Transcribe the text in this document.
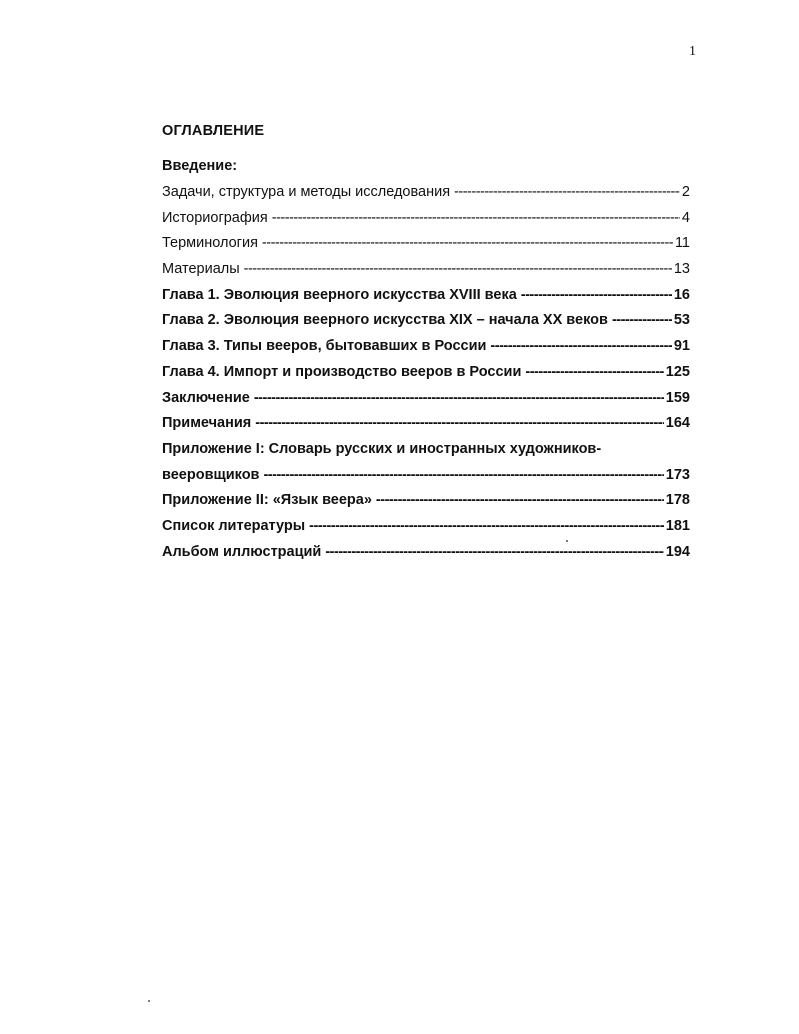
1
ОГЛАВЛЕНИЕ
Введение:
Задачи, структура и методы исследования -----	2
Историография -----	4
Терминология -----	11
Материалы -----	13
Глава 1. Эволюция веерного искусства XVIII века -----	16
Глава 2. Эволюция веерного искусства XIX – начала XX веков -----	53
Глава 3. Типы вееров, бытовавших в России -----	91
Глава 4. Импорт и производство вееров в России -----	125
Заключение -----	159
Примечания -----	164
Приложение I: Словарь русских и иностранных художников-
веерoвщиков -----	173
Приложение II: «Язык веера» -----	178
Список литературы -----	181
Альбом иллюстраций -----	194
